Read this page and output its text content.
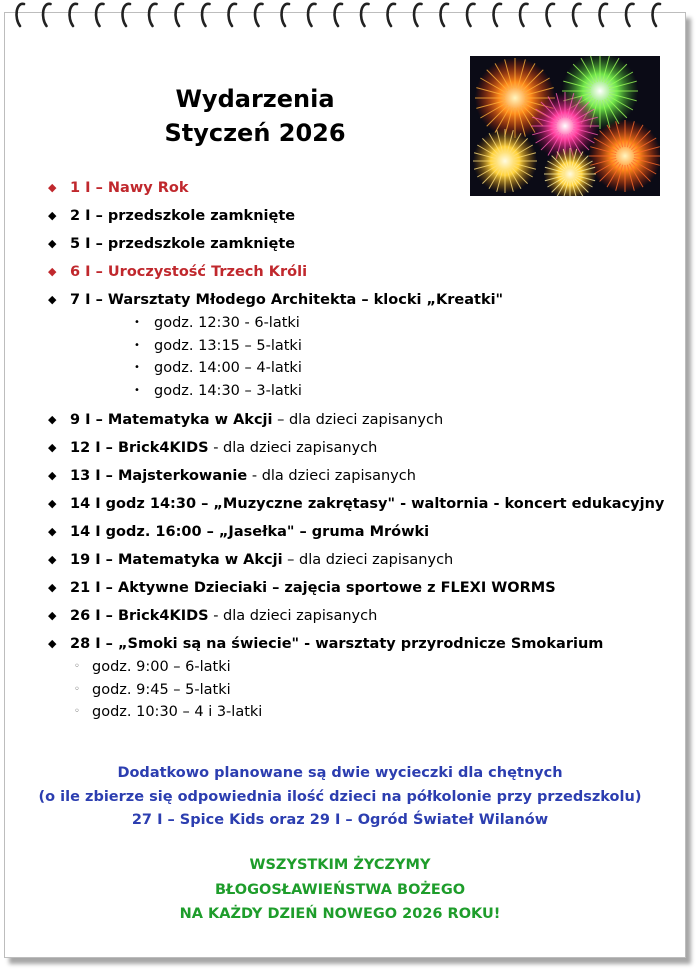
Wydarzenia
Styczeń 2026
◆ 1 I – Nawy Rok
◆ 2 I – przedszkole zamknięte
◆ 5 I – przedszkole zamknięte
◆ 6 I – Uroczystość Trzech Króli
◆ 7 I – Warsztaty Młodego Architekta – klocki „Kreatki"
• godz. 12:30 - 6-latki
• godz. 13:15 – 5-latki
• godz. 14:00 – 4-latki
• godz. 14:30 – 3-latki
◆ 9 I – Matematyka w Akcji – dla dzieci zapisanych
◆ 12 I – Brick4KIDS - dla dzieci zapisanych
◆ 13 I – Majsterkowanie - dla dzieci zapisanych
◆ 14 I godz 14:30 – „Muzyczne zakrętasy" - waltornia - koncert edukacyjny
◆ 14 I godz. 16:00 – „Jasełka" – gruma Mrówki
◆ 19 I – Matematyka w Akcji – dla dzieci zapisanych
◆ 21 I – Aktywne Dzieciaki – zajęcia sportowe z FLEXI WORMS
◆ 26 I – Brick4KIDS - dla dzieci zapisanych
◆ 28 I – „Smoki są na świecie" - warsztaty przyrodnicze Smokarium
◦ godz. 9:00 – 6-latki
◦ godz. 9:45 – 5-latki
◦ godz. 10:30 – 4 i 3-latki
Dodatkowo planowane są dwie wycieczki dla chętnych
(o ile zbierze się odpowiednia ilość dzieci na półkolonie przy przedszkolu)
27 I – Spice Kids oraz 29 I – Ogród Świateł Wilanów
WSZYSTKIM ŻYCZYMY
BŁOGOSŁAWIEŃSTWA BOŻEGO
NA KAŻDY DZIEŃ NOWEGO 2026 ROKU!
